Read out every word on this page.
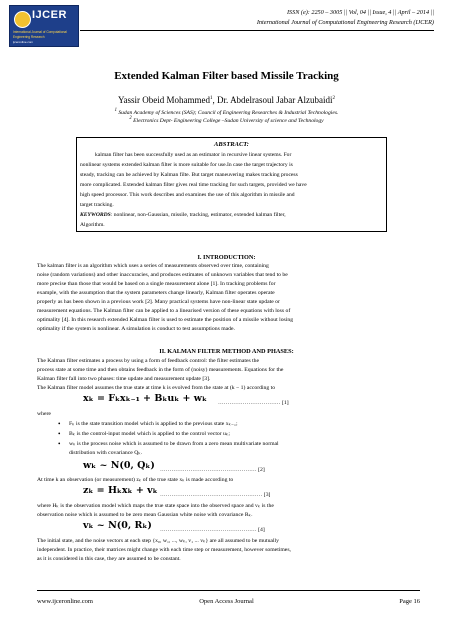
IJCER
International Journal of Computational
Engineering Research
ijceronline.com
ISSN (e): 2250 – 3005 || Vol, 04 || Issue, 4 || April – 2014 ||
International Journal of Computational Engineering Research (IJCER)
Extended Kalman Filter based Missile Tracking
Yassir Obeid Mohammed$^1$, Dr. Abdelrasoul Jabar Alzubaidi$^2$
$^1$ Sudan Academy of Sciences (SAS); Council of Engineering Researches & Industrial Technologies.
$^2$ Electronics Dept- Engineering College –Sudan University of science and Technology
ABSTRACT:
kalman filter has been successfully used as an estimator in recursive linear systems. For
nonlinear systems extended kalman filter is more suitable for use.In case the target trajectory is
steady, tracking can be achieved by Kalman filte. But target maneuvering makes tracking process
more complicated. Extended kalman filter gives real time tracking for such targets, provided we have
high speed processor. This work describes and examines the use of this algorithm in missile and
target tracking.
KEYWORDS: nonlinear, non-Gaussian, missile, tracking, estimator, extended kalman filter,
Algorithm.
I. INTRODUCTION:
The kalman filter is an algorithm which uses a series of measurements observed over time, containing
noise (random variations) and other inaccuracies, and produces estimates of unknown variables that tend to be
more precise than those that would be based on a single measurement alone [1]. In tracking problems for
example, with the assumption that the system parameters change linearly, Kalman filter operates operate
properly as has been shown in a previous work [2]. Many practical systems have non-linear state update or
measurement equations. The Kalman filter can be applied to a linearised version of these equations with loss of
optimality [4]. In this research extended Kalman filter is used to estimate the position of a missile without losing
optimality if the system is nonlinear. A simulation is conduct to test assumptions made.
II. KALMAN FILTER METHOD AND PHASES:
The Kalman filter estimates a process by using a form of feedback control: the filter estimates the
process state at some time and then obtains feedback in the form of (noisy) measurements. Equations for the
Kalman filter fall into two phases: time update and measurement update [3].
The Kalman filter model assumes the true state at time k is evolved from the state at (k − 1) according to
xₖ = Fₖxₖ₋₁ + Bₖuₖ + wₖ …………………………… [1]
where
• Fₖ is the state transition model which is applied to the previous state xₖ₋₁;
• Bₖ is the control-input model which is applied to the control vector uₖ;
• wₖ is the process noise which is assumed to be drawn from a zero mean multivariate normal
distribution with covariance Qₖ.
wₖ ~ N(0, Qₖ) …………………………………………… [2]
At time k an observation (or measurement) zₖ of the true state xₖ is made according to
zₖ = Hₖxₖ + vₖ ……………………………………………… [3]
where Hₖ is the observation model which maps the true state space into the observed space and vₖ is the
observation noise which is assumed to be zero mean Gaussian white noise with covariance Rₖ.
vₖ ~ N(0, Rₖ) …………………………………………… [4]
The initial state, and the noise vectors at each step {x₀, w₁, ..., wₖ, v₁ ... vₖ} are all assumed to be mutually
independent. In practice, their matrices might change with each time step or measurement, however sometimes,
as it is considered in this case, they are assumed to be constant.
www.ijceronline.com	Open Access Journal	Page 16
